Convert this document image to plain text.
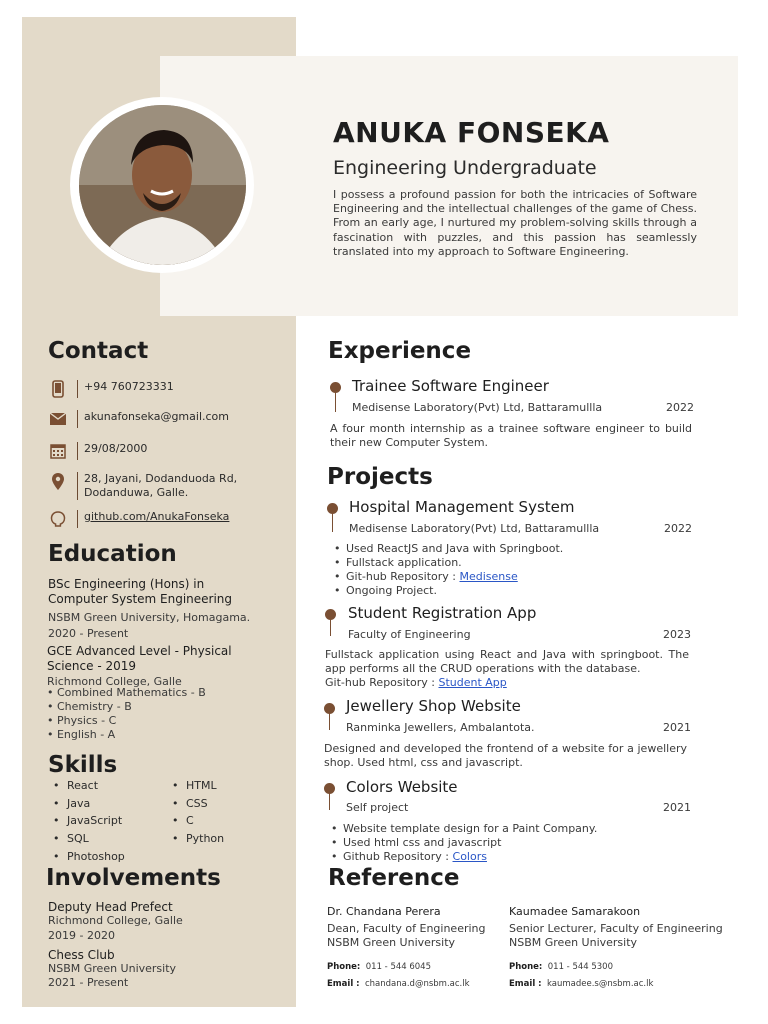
ANUKA FONSEKA
Engineering Undergraduate
I possess a profound passion for both the intricacies of Software Engineering and the intellectual challenges of the game of Chess. From an early age, I nurtured my problem-solving skills through a fascination with puzzles, and this passion has seamlessly translated into my approach to Software Engineering.
Contact
+94 760723331
akunafonseka@gmail.com
29/08/2000
28, Jayani, Dodanduoda Rd,
Dodanduwa, Galle.
github.com/AnukaFonseka
Education
BSc Engineering (Hons) in
Computer System Engineering
NSBM Green University, Homagama.
2020 - Present
GCE Advanced Level - Physical
Science - 2019
Richmond College, Galle
• Combined Mathematics - B
• Chemistry - B
• Physics - C
• English - A
Skills
• React
• Java
• JavaScript
• SQL
• Photoshop
• HTML
• CSS
• C
• Python
Involvements
Deputy Head Prefect
Richmond College, Galle
2019 - 2020
Chess Club
NSBM Green University
2021 - Present
Experience
Trainee Software Engineer
Medisense Laboratory(Pvt) Ltd, Battaramullla	2022
A four month internship as a trainee software engineer to build their new Computer System.
Projects
Hospital Management System
Medisense Laboratory(Pvt) Ltd, Battaramullla	2022
• Used ReactJS and Java with Springboot.
• Fullstack application.
• Git-hub Repository : Medisense
• Ongoing Project.
Student Registration App
Faculty of Engineering	2023
Fullstack application using React and Java with springboot. The app performs all the CRUD operations with the database.
Git-hub Repository : Student App
Jewellery Shop Website
Ranminka Jewellers, Ambalantota.	2021
Designed and developed the frontend of a website for a jewellery shop. Used html, css and javascript.
Colors Website
Self project	2021
• Website template design for a Paint Company.
• Used html css and javascript
• Github Repository : Colors
Reference
Dr. Chandana Perera
Dean, Faculty of Engineering
NSBM Green University
Phone: 011 - 544 6045
Email : chandana.d@nsbm.ac.lk
Kaumadee Samarakoon
Senior Lecturer, Faculty of Engineering
NSBM Green University
Phone: 011 - 544 5300
Email : kaumadee.s@nsbm.ac.lk
